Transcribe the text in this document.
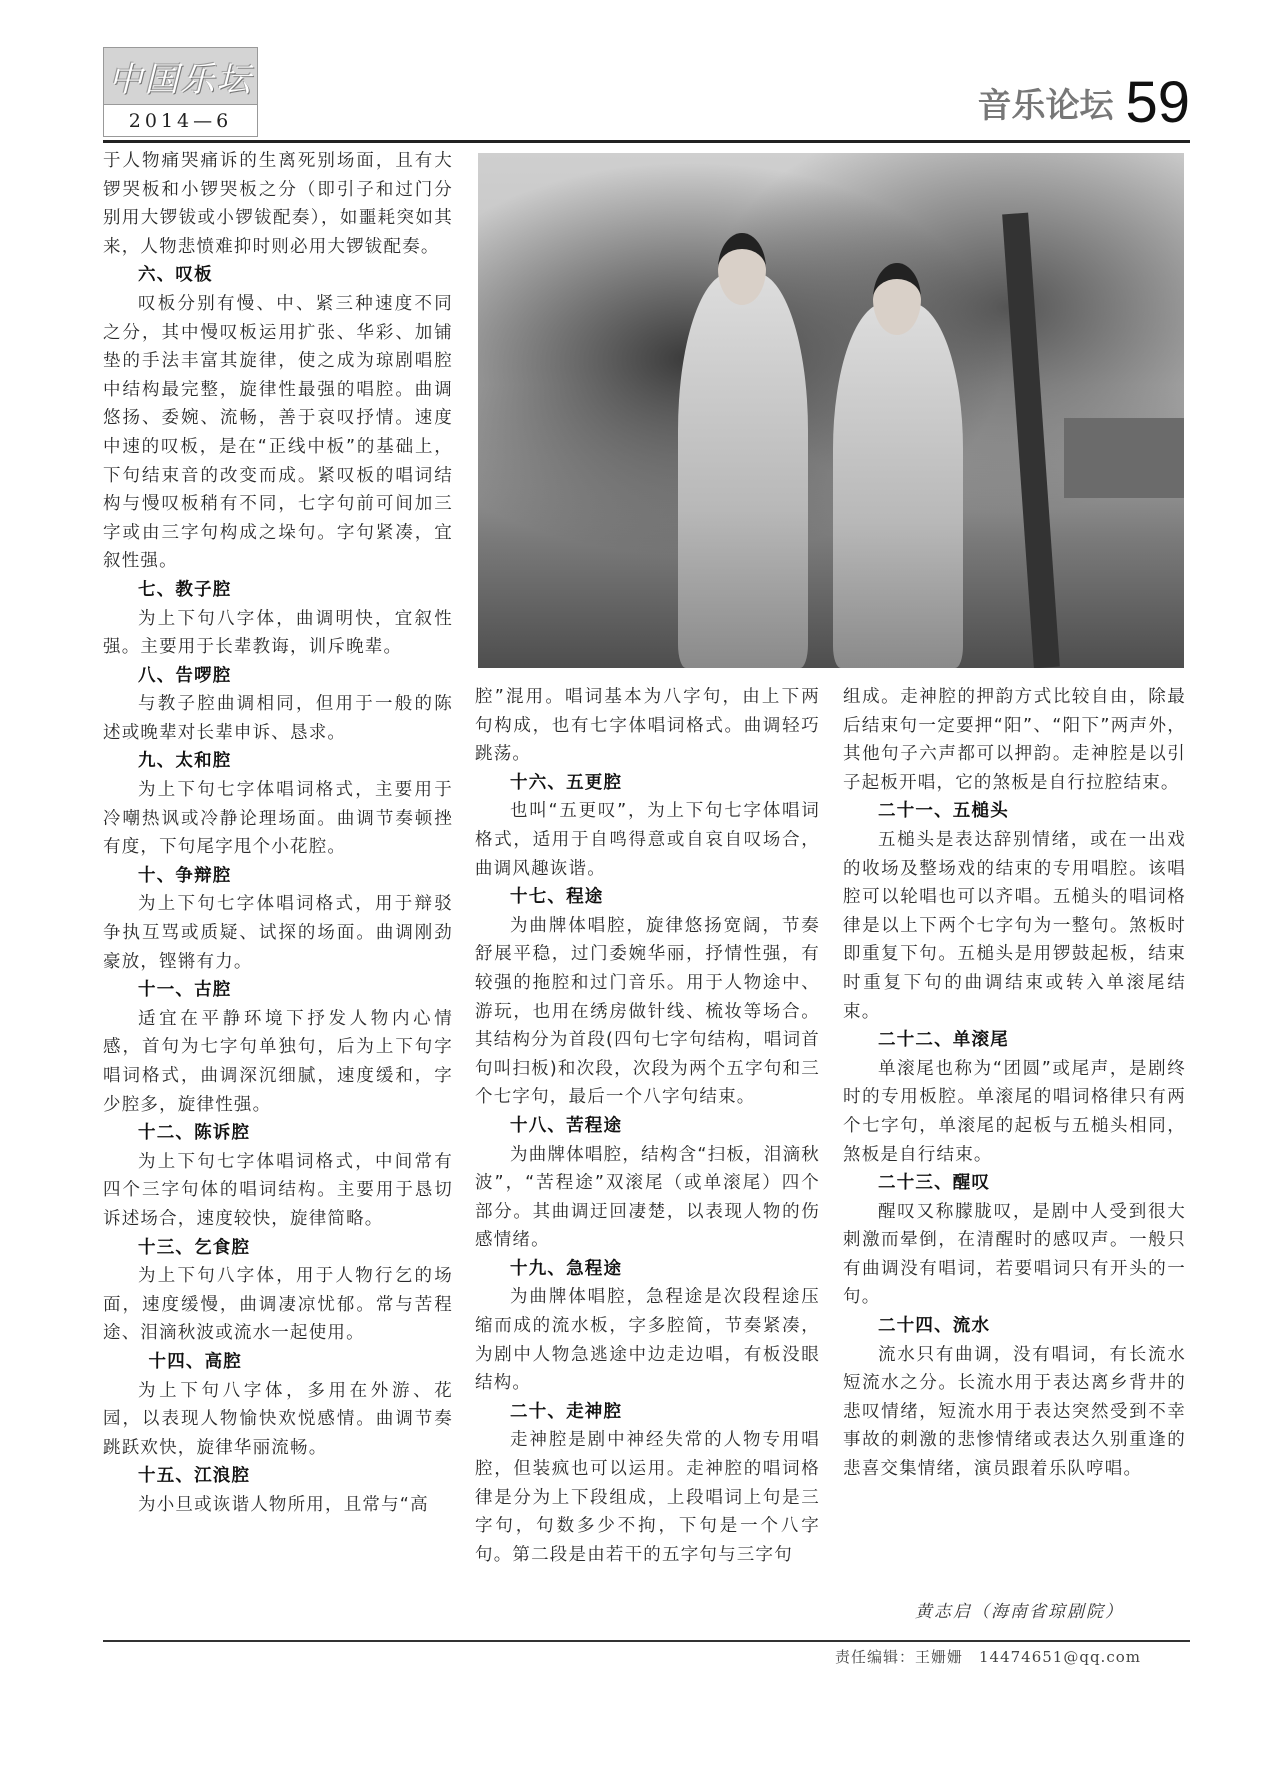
中国乐坛
2014—6	音乐论坛 59

于人物痛哭痛诉的生离死别场面，且有大锣哭板和小锣哭板之分（即引子和过门分别用大锣钹或小锣钹配奏），如噩耗突如其来，人物悲愤难抑时则必用大锣钹配奏。

六、叹板

叹板分别有慢、中、紧三种速度不同之分，其中慢叹板运用扩张、华彩、加铺垫的手法丰富其旋律，使之成为琼剧唱腔中结构最完整，旋律性最强的唱腔。曲调悠扬、委婉、流畅，善于哀叹抒情。速度中速的叹板，是在“正线中板”的基础上，下句结束音的改变而成。紧叹板的唱词结构与慢叹板稍有不同，七字句前可间加三字或由三字句构成之垛句。字句紧凑，宜叙性强。

七、教子腔

为上下句八字体，曲调明快，宜叙性强。主要用于长辈教诲，训斥晚辈。

八、告啰腔

与教子腔曲调相同，但用于一般的陈述或晚辈对长辈申诉、恳求。

九、太和腔

为上下句七字体唱词格式，主要用于冷嘲热讽或冷静论理场面。曲调节奏顿挫有度，下句尾字甩个小花腔。

十、争辩腔

为上下句七字体唱词格式，用于辩驳争执互骂或质疑、试探的场面。曲调刚劲豪放，铿锵有力。

十一、古腔

适宜在平静环境下抒发人物内心情感，首句为七字句单独句，后为上下句字唱词格式，曲调深沉细腻，速度缓和，字少腔多，旋律性强。

十二、陈诉腔

为上下句七字体唱词格式，中间常有四个三字句体的唱词结构。主要用于恳切诉述场合，速度较快，旋律简略。

十三、乞食腔

为上下句八字体，用于人物行乞的场面，速度缓慢，曲调凄凉忧郁。常与苦程途、泪滴秋波或流水一起使用。

十四、高腔

为上下句八字体，多用在外游、花园，以表现人物愉快欢悦感情。曲调节奏跳跃欢快，旋律华丽流畅。

十五、江浪腔

为小旦或诙谐人物所用，且常与“高

腔”混用。唱词基本为八字句，由上下两句构成，也有七字体唱词格式。曲调轻巧跳荡。

十六、五更腔

也叫“五更叹”，为上下句七字体唱词格式，适用于自鸣得意或自哀自叹场合，曲调风趣诙谐。

十七、程途

为曲牌体唱腔，旋律悠扬宽阔，节奏舒展平稳，过门委婉华丽，抒情性强，有较强的拖腔和过门音乐。用于人物途中、游玩，也用在绣房做针线、梳妆等场合。其结构分为首段(四句七字句结构，唱词首句叫扫板)和次段，次段为两个五字句和三个七字句，最后一个八字句结束。

十八、苦程途

为曲牌体唱腔，结构含“扫板，泪滴秋波”，“苦程途”双滚尾（或单滚尾）四个部分。其曲调迂回凄楚，以表现人物的伤感情绪。

十九、急程途

为曲牌体唱腔，急程途是次段程途压缩而成的流水板，字多腔简，节奏紧凑，为剧中人物急逃途中边走边唱，有板没眼结构。

二十、走神腔

走神腔是剧中神经失常的人物专用唱腔，但装疯也可以运用。走神腔的唱词格律是分为上下段组成，上段唱词上句是三字句，句数多少不拘，下句是一个八字句。第二段是由若干的五字句与三字句

组成。走神腔的押韵方式比较自由，除最后结束句一定要押“阳”、“阳下”两声外，其他句子六声都可以押韵。走神腔是以引子起板开唱，它的煞板是自行拉腔结束。

二十一、五槌头

五槌头是表达辞别情绪，或在一出戏的收场及整场戏的结束的专用唱腔。该唱腔可以轮唱也可以齐唱。五槌头的唱词格律是以上下两个七字句为一整句。煞板时即重复下句。五槌头是用锣鼓起板，结束时重复下句的曲调结束或转入单滚尾结束。

二十二、单滚尾

单滚尾也称为“团圆”或尾声，是剧终时的专用板腔。单滚尾的唱词格律只有两个七字句，单滚尾的起板与五槌头相同，煞板是自行结束。

二十三、醒叹

醒叹又称朦胧叹，是剧中人受到很大刺激而晕倒，在清醒时的感叹声。一般只有曲调没有唱词，若要唱词只有开头的一句。

二十四、流水

流水只有曲调，没有唱词，有长流水短流水之分。长流水用于表达离乡背井的悲叹情绪，短流水用于表达突然受到不幸事故的刺激的悲惨情绪或表达久别重逢的悲喜交集情绪，演员跟着乐队哼唱。

黄志启（海南省琼剧院）
责任编辑：王姗姗　14474651@qq.com
